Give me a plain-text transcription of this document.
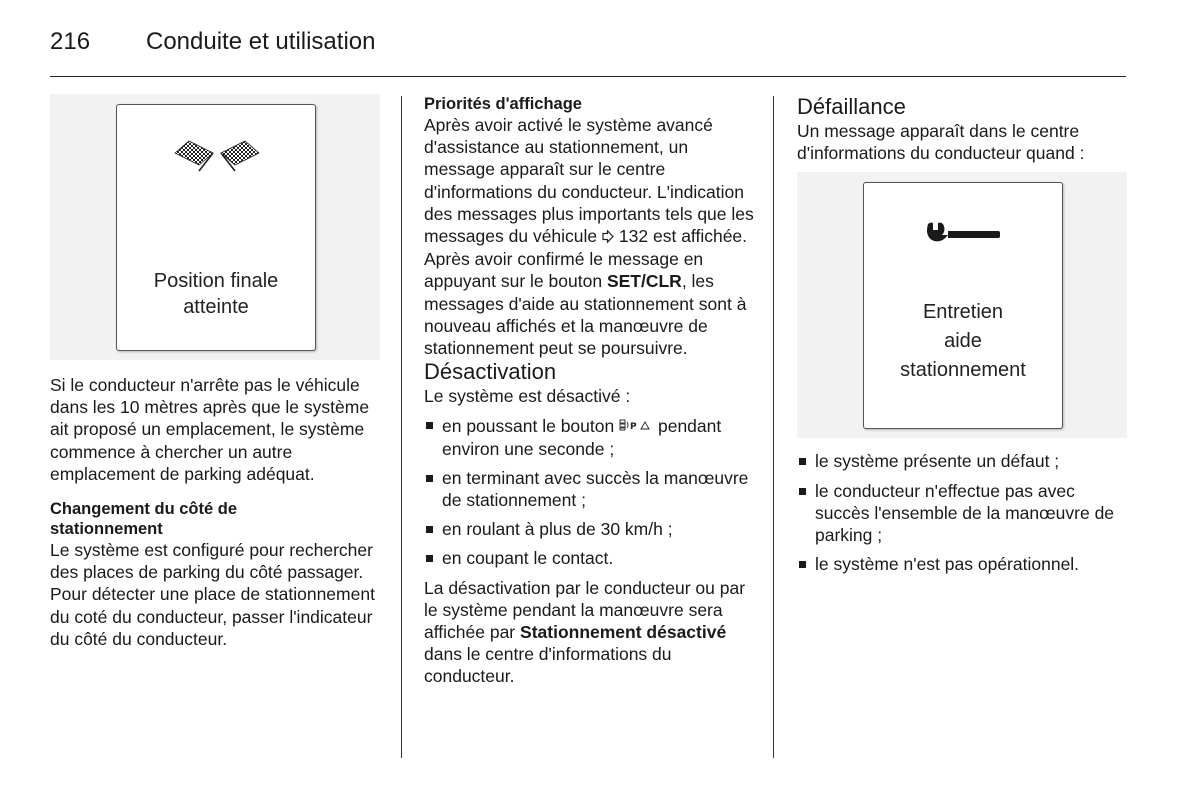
216 Conduite et utilisation
Position finale
atteinte

Si le conducteur n'arrête pas le véhicule dans les 10 mètres après que le système ait proposé un emplacement, le système commence à chercher un autre emplacement de parking adéquat.

Changement du côté de
stationnement

Le système est configuré pour rechercher des places de parking du côté passager. Pour détecter une place de stationnement du coté du conducteur, passer l'indicateur du côté du conducteur.

Priorités d'affichage

Après avoir activé le système avancé d'assistance au stationnement, un message apparaît sur le centre d'informations du conducteur. L'indication des messages plus importants tels que les messages du véhicule 132 est affichée. Après avoir confirmé le message en appuyant sur le bouton SET/CLR, les messages d'aide au stationnement sont à nouveau affichés et la manœuvre de stationnement peut se poursuivre.

Désactivation

Le système est désactivé :

en poussant le bouton P pendant environ une seconde ;
en terminant avec succès la manœuvre de stationnement ;
en roulant à plus de 30 km/h ;
en coupant le contact.

La désactivation par le conducteur ou par le système pendant la manœuvre sera affichée par Stationnement désactivé dans le centre d'informations du conducteur.

Défaillance

Un message apparaît dans le centre d'informations du conducteur quand :

Entretien
aide
stationnement
le système présente un défaut ;
le conducteur n'effectue pas avec succès l'ensemble de la manœuvre de parking ;
le système n'est pas opérationnel.
